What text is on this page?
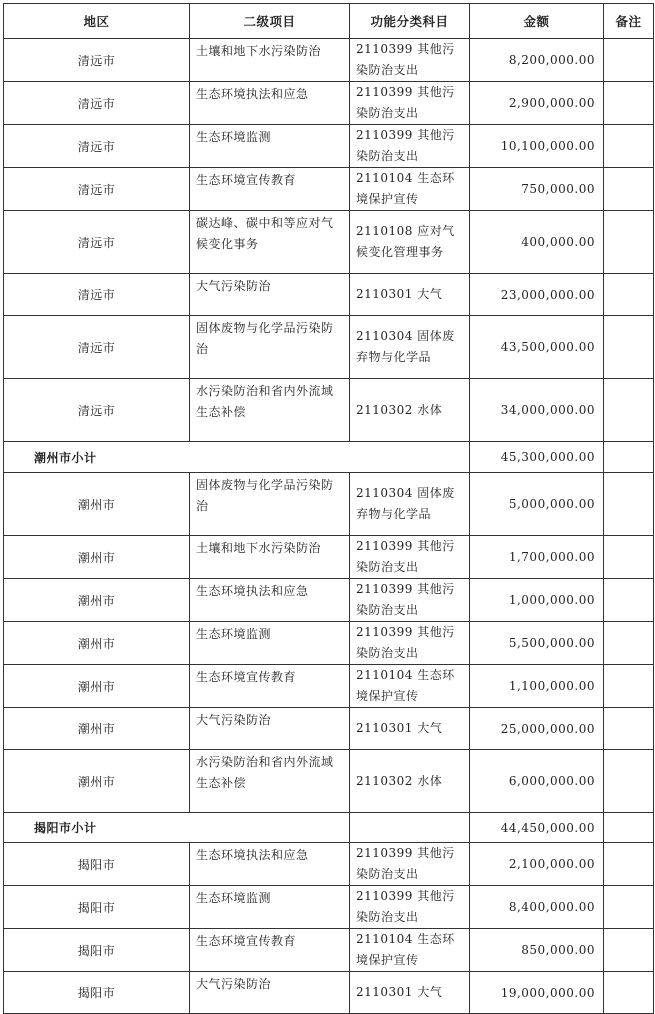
地区	二级项目	功能分类科目	金额	备注
清远市	土壤和地下水污染防治	2110399 其他污染防治支出	8,200,000.00	
清远市	生态环境执法和应急	2110399 其他污染防治支出	2,900,000.00	
清远市	生态环境监测	2110399 其他污染防治支出	10,100,000.00	
清远市	生态环境宣传教育	2110104 生态环境保护宣传	750,000.00	
清远市	碳达峰、碳中和等应对气候变化事务	2110108 应对气候变化管理事务	400,000.00	
清远市	大气污染防治	2110301 大气	23,000,000.00	
清远市	固体废物与化学品污染防治	2110304 固体废弃物与化学品	43,500,000.00	
清远市	水污染防治和省内外流域生态补偿	2110302 水体	34,000,000.00	
潮州市小计			45,300,000.00	
潮州市	固体废物与化学品污染防治	2110304 固体废弃物与化学品	5,000,000.00	
潮州市	土壤和地下水污染防治	2110399 其他污染防治支出	1,700,000.00	
潮州市	生态环境执法和应急	2110399 其他污染防治支出	1,000,000.00	
潮州市	生态环境监测	2110399 其他污染防治支出	5,500,000.00	
潮州市	生态环境宣传教育	2110104 生态环境保护宣传	1,100,000.00	
潮州市	大气污染防治	2110301 大气	25,000,000.00	
潮州市	水污染防治和省内外流域生态补偿	2110302 水体	6,000,000.00	
揭阳市小计			44,450,000.00	
揭阳市	生态环境执法和应急	2110399 其他污染防治支出	2,100,000.00	
揭阳市	生态环境监测	2110399 其他污染防治支出	8,400,000.00	
揭阳市	生态环境宣传教育	2110104 生态环境保护宣传	850,000.00	
揭阳市	大气污染防治	2110301 大气	19,000,000.00	
